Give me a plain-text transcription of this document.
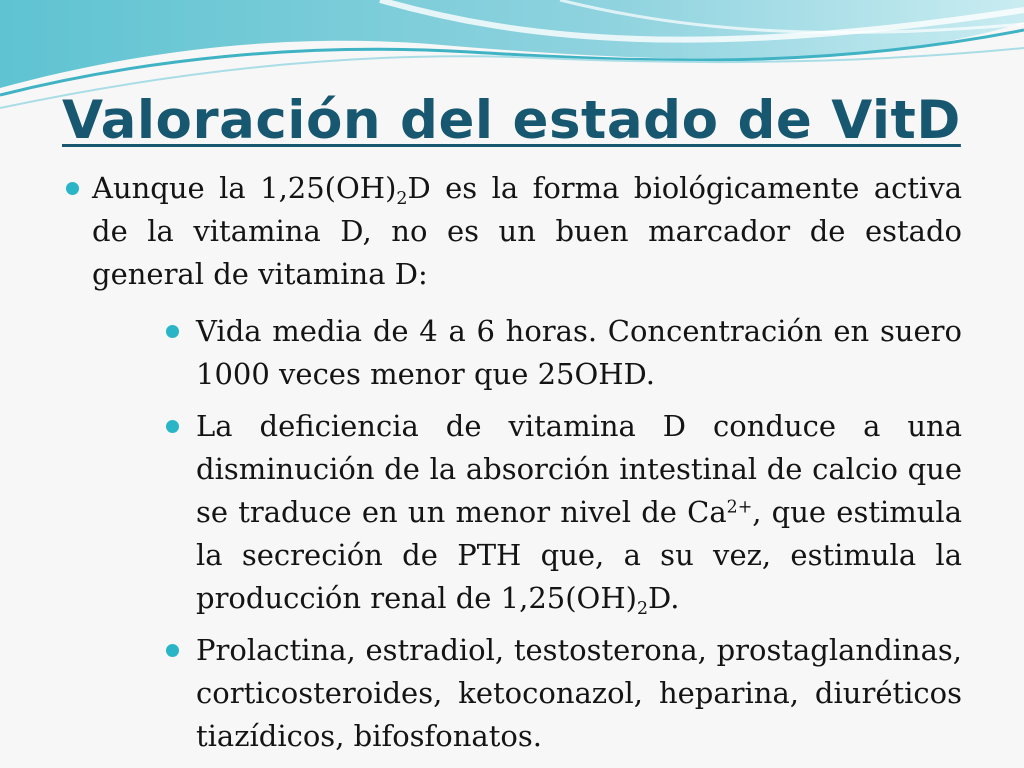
Valoración del estado de VitD

Aunque la $1,25(OH)_2D$ es la forma biológicamente activa de la vitamina D, no es un buen marcador de estado general de vitamina D:

Vida media de 4 a 6 horas. Concentración en suero 1000 veces menor que 25OHD.

La deficiencia de vitamina D conduce a una disminución de la absorción intestinal de calcio que se traduce en un menor nivel de $Ca^{2+}$, que estimula la secreción de PTH que, a su vez, estimula la producción renal de $1,25(OH)_2D$.

Prolactina, estradiol, testosterona, prostaglandinas, corticosteroides, ketoconazol, heparina, diuréticos tiazídicos, bifosfonatos.
